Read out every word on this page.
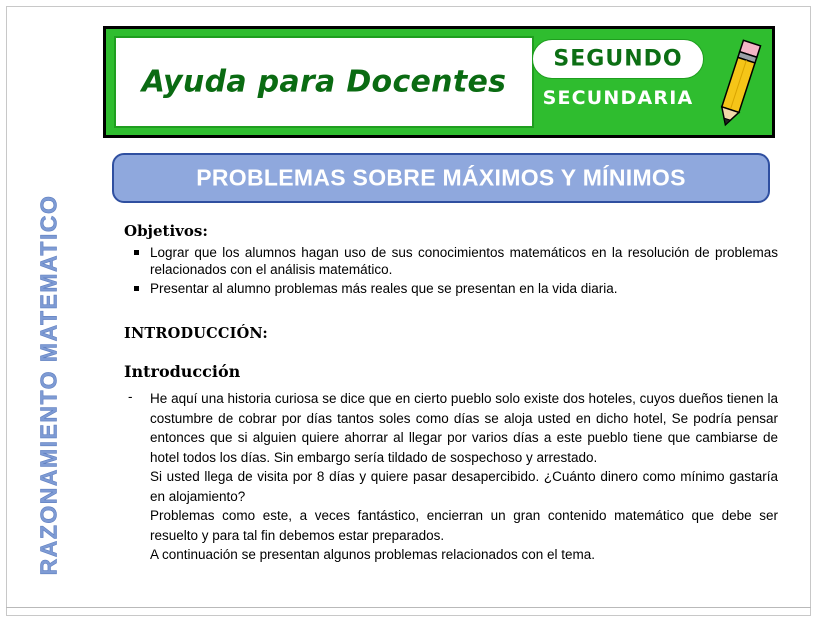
RAZONAMIENTO MATEMATICO
Ayuda para Docentes
SEGUNDO
SECUNDARIA
PROBLEMAS SOBRE MÁXIMOS Y MÍNIMOS
Objetivos:
Lograr que los alumnos hagan uso de sus conocimientos matemáticos en la resolución de problemas relacionados con el análisis matemático.
Presentar al alumno problemas más reales que se presentan en la vida diaria.
INTRODUCCIÓN:
Introducción
- He aquí una historia curiosa se dice que en cierto pueblo solo existe dos hoteles, cuyos dueños tienen la costumbre de cobrar por días tantos soles como días se aloja usted en dicho hotel, Se podría pensar entonces que si alguien quiere ahorrar al llegar por varios días a este pueblo tiene que cambiarse de hotel todos los días. Sin embargo sería tildado de sospechoso y arrestado.

Si usted llega de visita por 8 días y quiere pasar desapercibido. ¿Cuánto dinero como mínimo gastaría en alojamiento?

Problemas como este, a veces fantástico, encierran un gran contenido matemático que debe ser resuelto y para tal fin debemos estar preparados.

A continuación se presentan algunos problemas relacionados con el tema.
